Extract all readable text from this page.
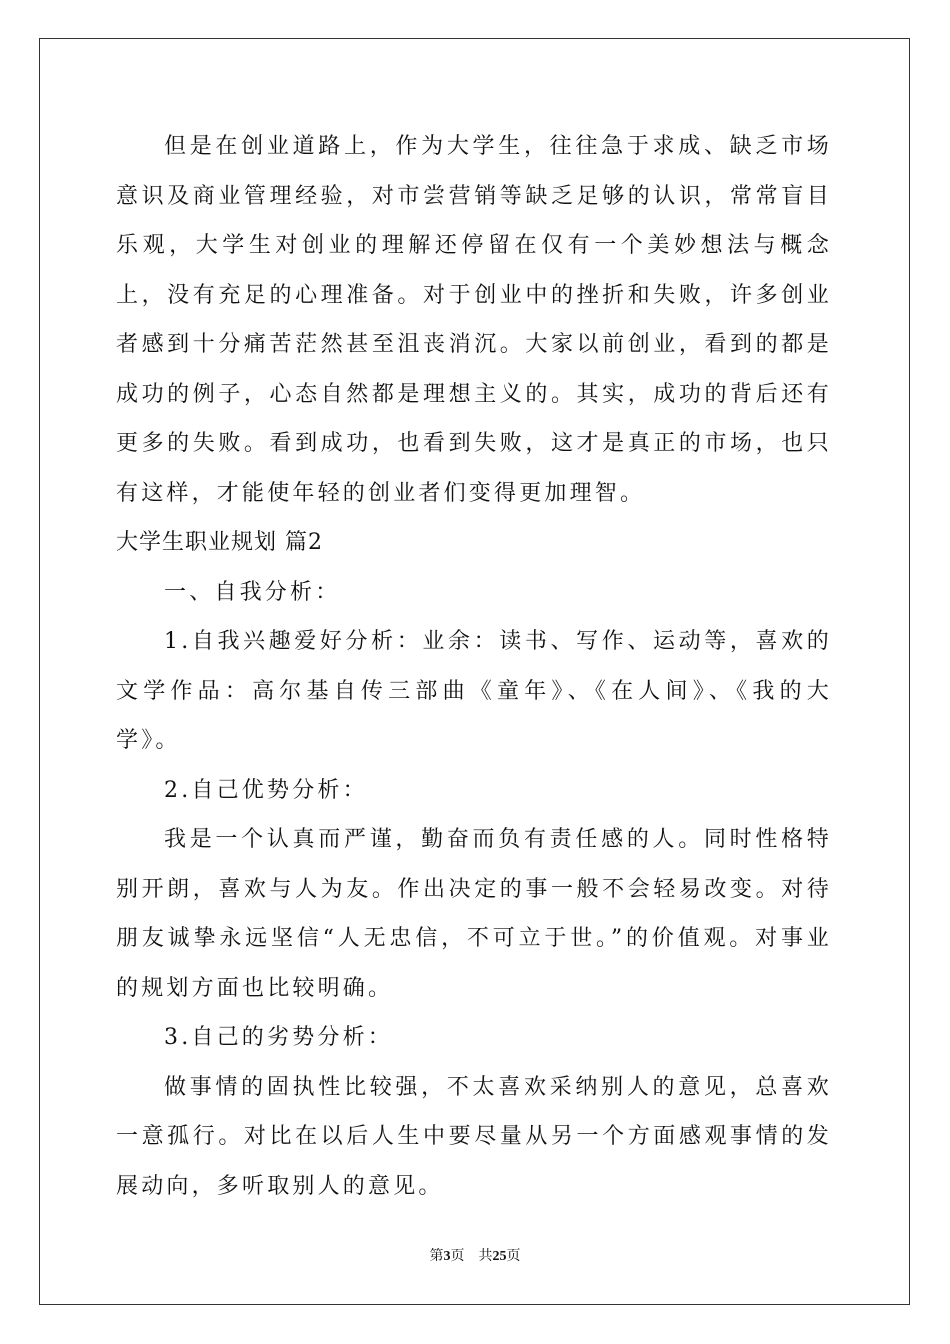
但是在创业道路上，作为大学生，往往急于求成、缺乏市场意识及商业管理经验，对市尝营销等缺乏足够的认识，常常盲目乐观，大学生对创业的理解还停留在仅有一个美妙想法与概念上，没有充足的心理准备。对于创业中的挫折和失败，许多创业者感到十分痛苦茫然甚至沮丧消沉。大家以前创业，看到的都是成功的例子，心态自然都是理想主义的。其实，成功的背后还有更多的失败。看到成功，也看到失败，这才是真正的市场，也只有这样，才能使年轻的创业者们变得更加理智。

大学生职业规划 篇2

一、自我分析：

1.自我兴趣爱好分析：业余：读书、写作、运动等，喜欢的文学作品：高尔基自传三部曲《童年》、《在人间》、《我的大学》。

2.自己优势分析：

我是一个认真而严谨，勤奋而负有责任感的人。同时性格特别开朗，喜欢与人为友。作出决定的事一般不会轻易改变。对待朋友诚挚永远坚信“人无忠信，不可立于世。”的价值观。对事业的规划方面也比较明确。

3.自己的劣势分析：

做事情的固执性比较强，不太喜欢采纳别人的意见，总喜欢一意孤行。对比在以后人生中要尽量从另一个方面感观事情的发展动向，多听取别人的意见。

第3页 共25页
